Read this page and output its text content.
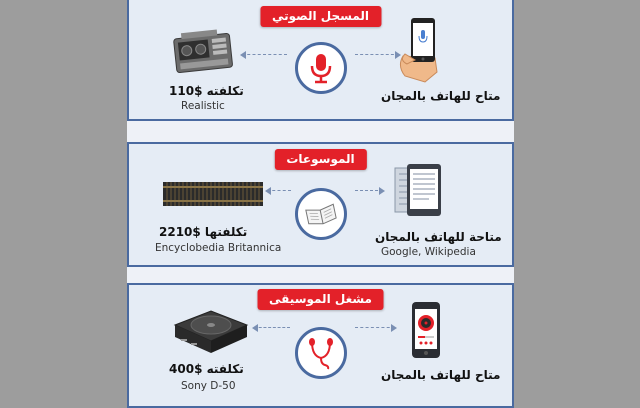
المسجل الصوتي
تكلفته $110
Realistic
متاح للهاتف بالمجان
الموسوعات
تكلفتها $2210
Encyclobedia Britannica
متاحة للهاتف بالمجان
Google, Wikipedia
مشغل الموسيقى
تكلفته $400
Sony D-50
متاح للهاتف بالمجان
